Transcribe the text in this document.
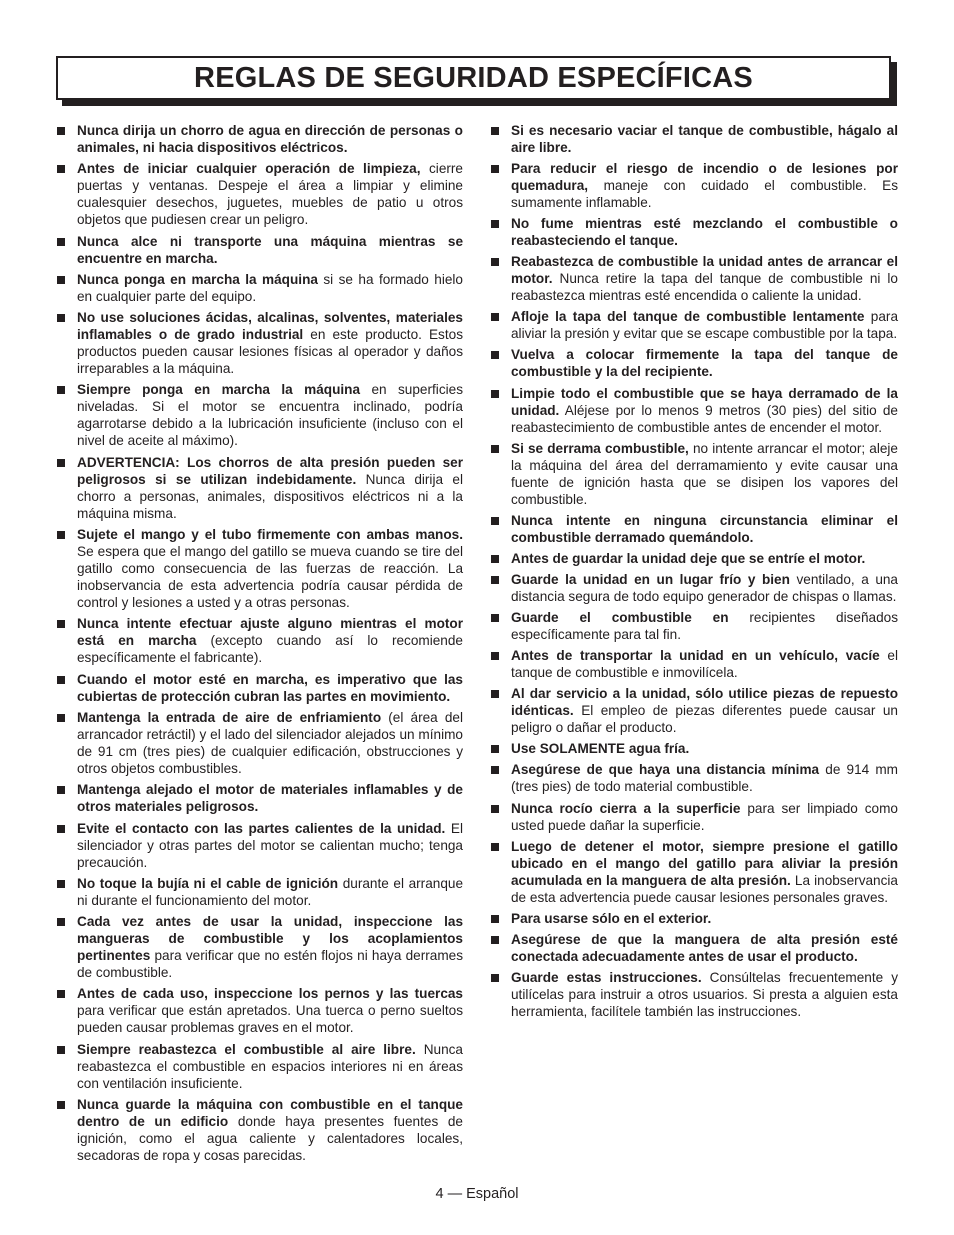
REGLAS DE SEGURIDAD ESPECÍFICAS
Nunca dirija un chorro de agua en dirección de personas o animales, ni hacia dispositivos eléctricos.
Antes de iniciar cualquier operación de limpieza, cierre puertas y ventanas. Despeje el área a limpiar y elimine cualesquier desechos, juguetes, muebles de patio u otros objetos que pudiesen crear un peligro.
Nunca alce ni transporte una máquina mientras se encuentre en marcha.
Nunca ponga en marcha la máquina si se ha formado hielo en cualquier parte del equipo.
No use soluciones ácidas, alcalinas, solventes, materiales inflamables o de grado industrial en este producto. Estos productos pueden causar lesiones físicas al operador y daños irreparables a la máquina.
Siempre ponga en marcha la máquina en superficies niveladas. Si el motor se encuentra inclinado, podría agarrotarse debido a la lubricación insuficiente (incluso con el nivel de aceite al máximo).
ADVERTENCIA: Los chorros de alta presión pueden ser peligrosos si se utilizan indebidamente. Nunca dirija el chorro a personas, animales, dispositivos eléctricos ni a la máquina misma.
Sujete el mango y el tubo firmemente con ambas manos. Se espera que el mango del gatillo se mueva cuando se tire del gatillo como consecuencia de las fuerzas de reacción. La inobservancia de esta advertencia podría causar pérdida de control y lesiones a usted y a otras personas.
Nunca intente efectuar ajuste alguno mientras el motor está en marcha (excepto cuando así lo recomiende específicamente el fabricante).
Cuando el motor esté en marcha, es imperativo que las cubiertas de protección cubran las partes en movimiento.
Mantenga la entrada de aire de enfriamiento (el área del arrancador retráctil) y el lado del silenciador alejados un mínimo de 91 cm (tres pies) de cualquier edificación, obstrucciones y otros objetos combustibles.
Mantenga alejado el motor de materiales inflamables y de otros materiales peligrosos.
Evite el contacto con las partes calientes de la unidad. El silenciador y otras partes del motor se calientan mucho; tenga precaución.
No toque la bujía ni el cable de ignición durante el arranque ni durante el funcionamiento del motor.
Cada vez antes de usar la unidad, inspeccione las mangueras de combustible y los acoplamientos pertinentes para verificar que no estén flojos ni haya derrames de combustible.
Antes de cada uso, inspeccione los pernos y las tuercas para verificar que están apretados. Una tuerca o perno sueltos pueden causar problemas graves en el motor.
Siempre reabastezca el combustible al aire libre. Nunca reabastezca el combustible en espacios interiores ni en áreas con ventilación insuficiente.
Nunca guarde la máquina con combustible en el tanque dentro de un edificio donde haya presentes fuentes de ignición, como el agua caliente y calentadores locales, secadoras de ropa y cosas parecidas.
Si es necesario vaciar el tanque de combustible, hágalo al aire libre.
Para reducir el riesgo de incendio o de lesiones por quemadura, maneje con cuidado el combustible. Es sumamente inflamable.
No fume mientras esté mezclando el combustible o reabasteciendo el tanque.
Reabastezca de combustible la unidad antes de arrancar el motor. Nunca retire la tapa del tanque de combustible ni lo reabastezca mientras esté encendida o caliente la unidad.
Afloje la tapa del tanque de combustible lentamente para aliviar la presión y evitar que se escape combustible por la tapa.
Vuelva a colocar firmemente la tapa del tanque de combustible y la del recipiente.
Limpie todo el combustible que se haya derramado de la unidad. Aléjese por lo menos 9 metros (30 pies) del sitio de reabastecimiento de combustible antes de encender el motor.
Si se derrama combustible, no intente arrancar el motor; aleje la máquina del área del derramamiento y evite causar una fuente de ignición hasta que se disipen los vapores del combustible.
Nunca intente en ninguna circunstancia eliminar el combustible derramado quemándolo.
Antes de guardar la unidad deje que se entríe el motor.
Guarde la unidad en un lugar frío y bien ventilado, a una distancia segura de todo equipo generador de chispas o llamas.
Guarde el combustible en recipientes diseñados específicamente para tal fin.
Antes de transportar la unidad en un vehículo, vacíe el tanque de combustible e inmovilícela.
Al dar servicio a la unidad, sólo utilice piezas de repuesto idénticas. El empleo de piezas diferentes puede causar un peligro o dañar el producto.
Use SOLAMENTE agua fría.
Asegúrese de que haya una distancia mínima de 914 mm (tres pies) de todo material combustible.
Nunca rocío cierra a la superficie para ser limpiado como usted puede dañar la superficie.
Luego de detener el motor, siempre presione el gatillo ubicado en el mango del gatillo para aliviar la presión acumulada en la manguera de alta presión. La inobservancia de esta advertencia puede causar lesiones personales graves.
Para usarse sólo en el exterior.
Asegúrese de que la manguera de alta presión esté conectada adecuadamente antes de usar el producto.
Guarde estas instrucciones. Consúltelas frecuentemente y utilícelas para instruir a otros usuarios. Si presta a alguien esta herramienta, facilítele también las instrucciones.
4 — Español
